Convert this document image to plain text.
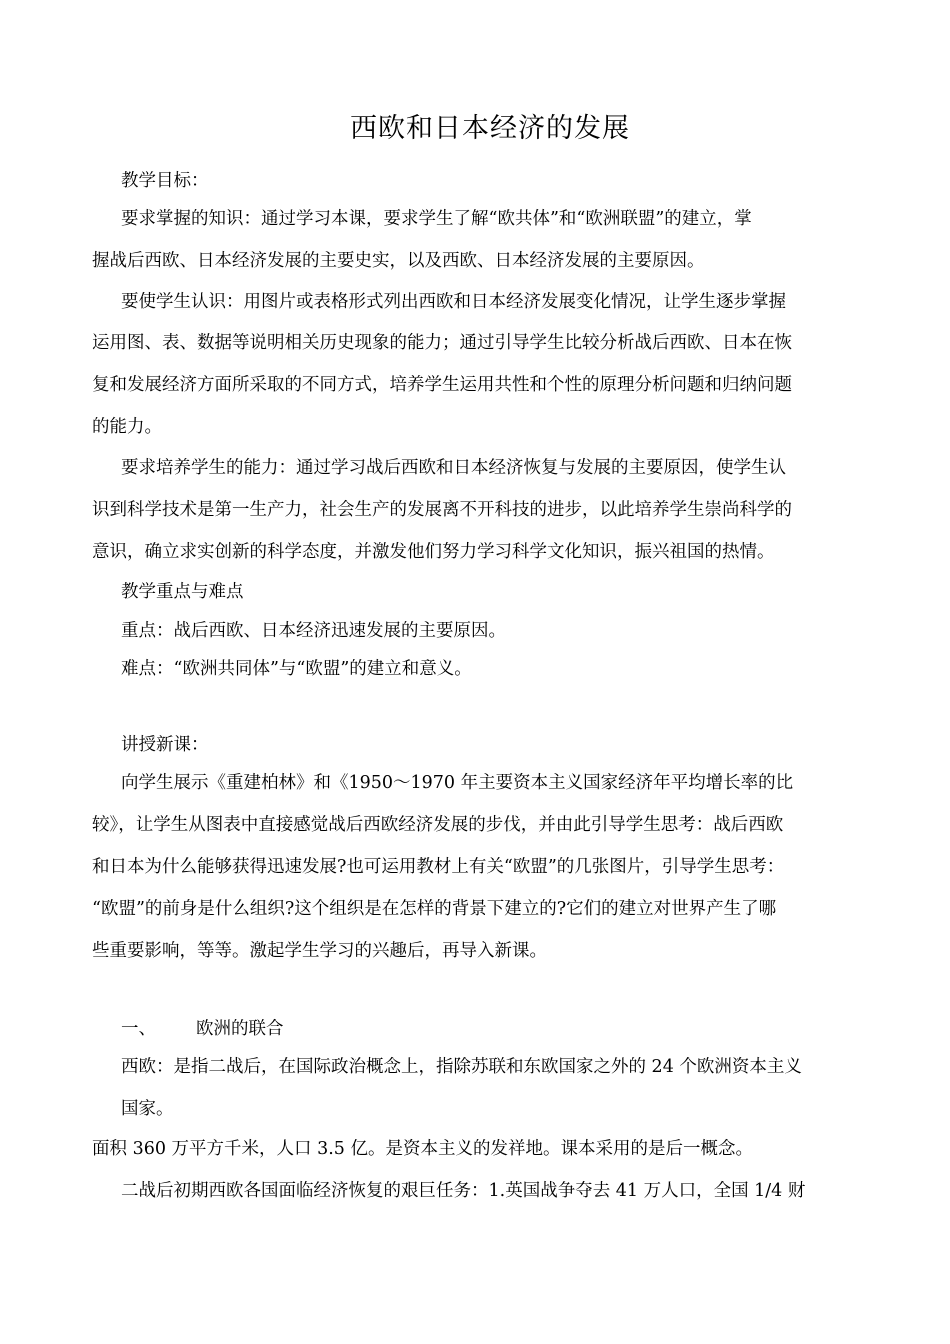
西欧和日本经济的发展
教学目标：
要求掌握的知识：通过学习本课，要求学生了解“欧共体”和“欧洲联盟”的建立，掌
握战后西欧、日本经济发展的主要史实，以及西欧、日本经济发展的主要原因。
要使学生认识：用图片或表格形式列出西欧和日本经济发展变化情况，让学生逐步掌握
运用图、表、数据等说明相关历史现象的能力；通过引导学生比较分析战后西欧、日本在恢
复和发展经济方面所采取的不同方式，培养学生运用共性和个性的原理分析问题和归纳问题
的能力。
要求培养学生的能力：通过学习战后西欧和日本经济恢复与发展的主要原因，使学生认
识到科学技术是第一生产力，社会生产的发展离不开科技的进步，以此培养学生崇尚科学的
意识，确立求实创新的科学态度，并激发他们努力学习科学文化知识，振兴祖国的热情。
教学重点与难点
重点：战后西欧、日本经济迅速发展的主要原因。
难点：“欧洲共同体”与“欧盟”的建立和意义。
讲授新课：
向学生展示《重建柏林》和《1950～1970 年主要资本主义国家经济年平均增长率的比
较》，让学生从图表中直接感觉战后西欧经济发展的步伐，并由此引导学生思考：战后西欧
和日本为什么能够获得迅速发展?也可运用教材上有关“欧盟”的几张图片，引导学生思考：
“欧盟”的前身是什么组织?这个组织是在怎样的背景下建立的?它们的建立对世界产生了哪
些重要影响，等等。激起学生学习的兴趣后，再导入新课。
一、 欧洲的联合
西欧：是指二战后，在国际政治概念上，指除苏联和东欧国家之外的 24 个欧洲资本主义
国家。
面积 360 万平方千米，人口 3.5 亿。是资本主义的发祥地。课本采用的是后一概念。
二战后初期西欧各国面临经济恢复的艰巨任务：1.英国战争夺去 41 万人口，全国 1/4 财
